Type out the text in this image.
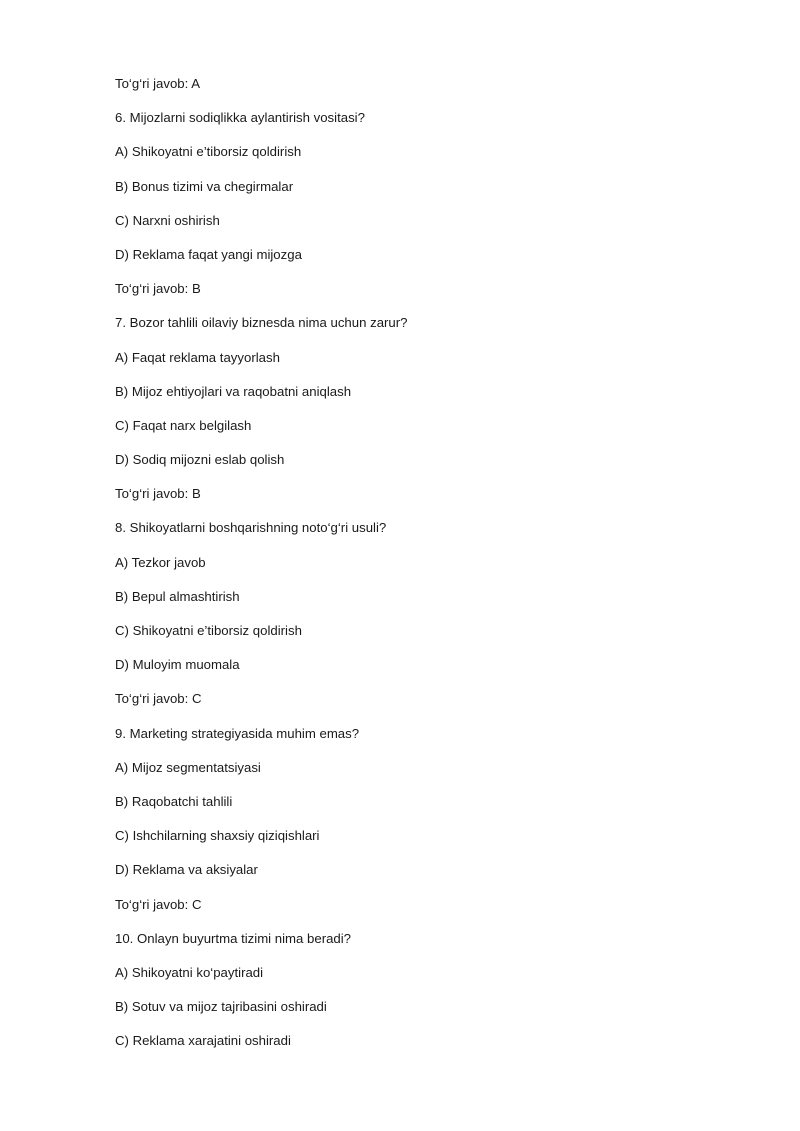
To‘g‘ri javob: A
6. Mijozlarni sodiqlikka aylantirish vositasi?
A) Shikoyatni e’tiborsiz qoldirish
B) Bonus tizimi va chegirmalar
C) Narxni oshirish
D) Reklama faqat yangi mijozga
To‘g‘ri javob: B
7. Bozor tahlili oilaviy biznesda nima uchun zarur?
A) Faqat reklama tayyorlash
B) Mijoz ehtiyojlari va raqobatni aniqlash
C) Faqat narx belgilash
D) Sodiq mijozni eslab qolish
To‘g‘ri javob: B
8. Shikoyatlarni boshqarishning noto‘g‘ri usuli?
A) Tezkor javob
B) Bepul almashtirish
C) Shikoyatni e’tiborsiz qoldirish
D) Muloyim muomala
To‘g‘ri javob: C
9. Marketing strategiyasida muhim emas?
A) Mijoz segmentatsiyasi
B) Raqobatchi tahlili
C) Ishchilarning shaxsiy qiziqishlari
D) Reklama va aksiyalar
To‘g‘ri javob: C
10. Onlayn buyurtma tizimi nima beradi?
A) Shikoyatni ko‘paytiradi
B) Sotuv va mijoz tajribasini oshiradi
C) Reklama xarajatini oshiradi
